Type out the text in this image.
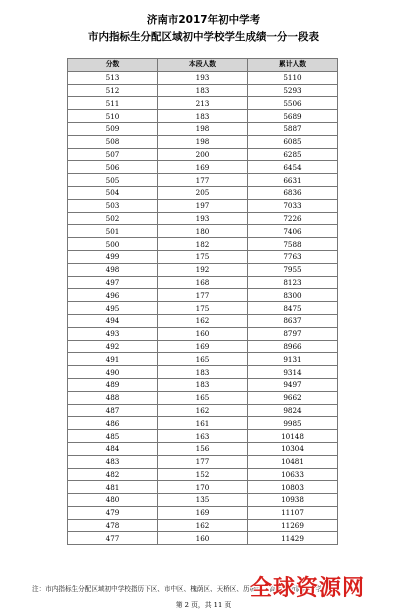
济南市2017年初中学考
市内指标生分配区域初中学校学生成绩一分一段表
分数	本段人数	累计人数
513	193	5110
512	183	5293
511	213	5506
510	183	5689
509	198	5887
508	198	6085
507	200	6285
506	169	6454
505	177	6631
504	205	6836
503	197	7033
502	193	7226
501	180	7406
500	182	7588
499	175	7763
498	192	7955
497	168	8123
496	177	8300
495	175	8475
494	162	8637
493	160	8797
492	169	8966
491	165	9131
490	183	9314
489	183	9497
488	165	9662
487	162	9824
486	161	9985
485	163	10148
484	156	10304
483	177	10481
482	152	10633
481	170	10803
480	135	10938
479	169	11107
478	162	11269
477	160	11429
注：市内指标生分配区域初中学校指历下区、市中区、槐荫区、天桥区、历城区、高新区所属初中学校。
第 2 页，共 11 页
全球资源网
